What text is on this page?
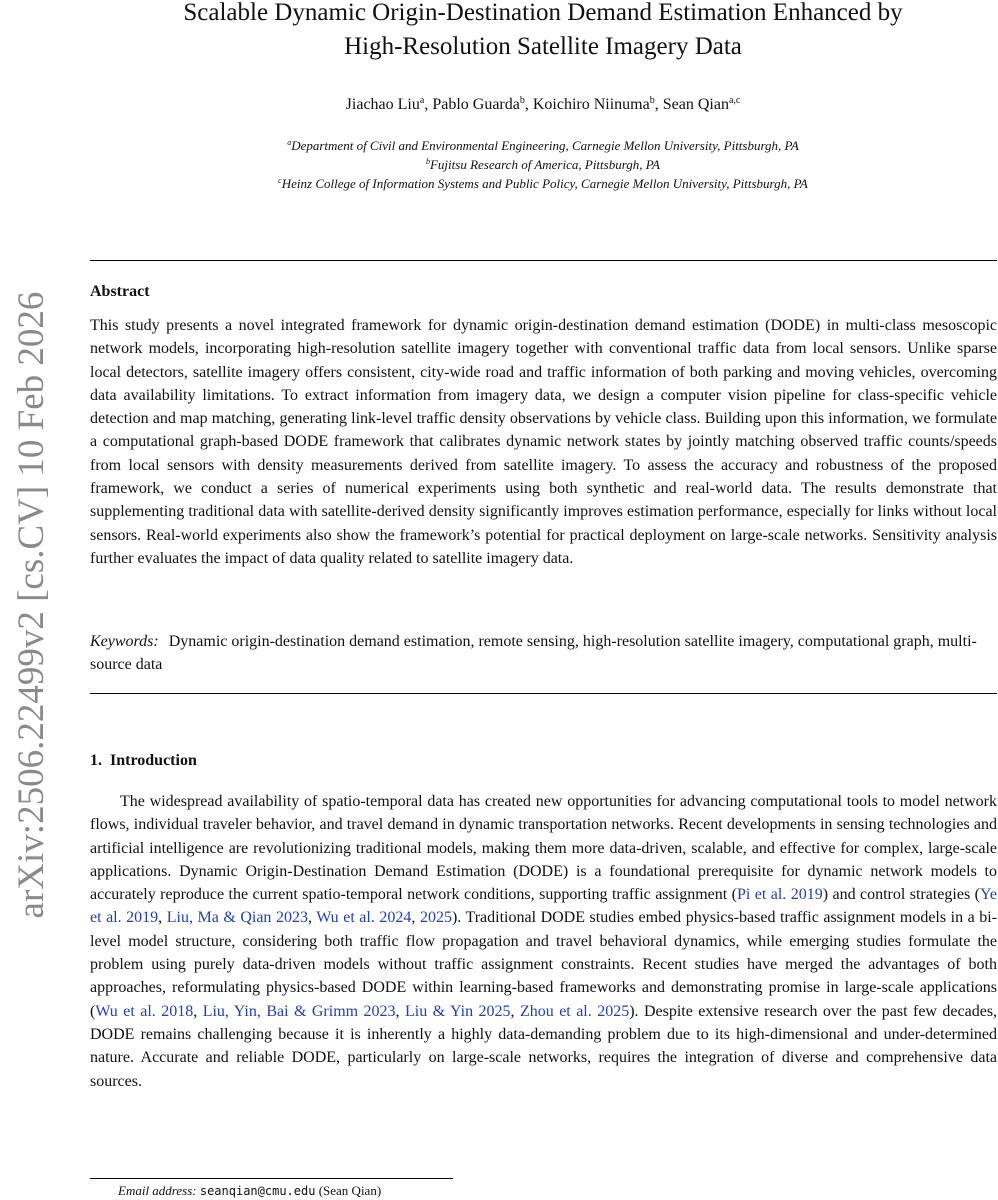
arXiv:2506.22499v2 [cs.CV] 10 Feb 2026
Scalable Dynamic Origin-Destination Demand Estimation Enhanced by
High-Resolution Satellite Imagery Data
Jiachao Liu$^a$, Pablo Guarda$^b$, Koichiro Niinuma$^b$, Sean Qian$^{a,c}$
$^a$Department of Civil and Environmental Engineering, Carnegie Mellon University, Pittsburgh, PA
$^b$Fujitsu Research of America, Pittsburgh, PA
$^c$Heinz College of Information Systems and Public Policy, Carnegie Mellon University, Pittsburgh, PA
Abstract

This study presents a novel integrated framework for dynamic origin-destination demand estimation (DODE) in multi-class mesoscopic network models, incorporating high-resolution satellite imagery together with conventional traffic data from local sensors. Unlike sparse local detectors, satellite imagery offers consistent, city-wide road and traffic information of both parking and moving vehicles, overcoming data availability limitations. To extract information from imagery data, we design a computer vision pipeline for class-specific vehicle detection and map matching, generating link-level traffic density observations by vehicle class. Building upon this information, we formulate a computational graph-based DODE framework that calibrates dynamic network states by jointly matching observed traffic counts/speeds from local sensors with density measurements derived from satellite imagery. To assess the accuracy and robustness of the proposed framework, we conduct a series of numerical experiments using both synthetic and real-world data. The results demonstrate that supplementing traditional data with satellite-derived density significantly improves estimation performance, especially for links without local sensors. Real-world experiments also show the framework’s potential for practical deployment on large-scale networks. Sensitivity analysis further evaluates the impact of data quality related to satellite imagery data.

Keywords: Dynamic origin-destination demand estimation, remote sensing, high-resolution satellite imagery, computational graph, multi-source data

1. Introduction

The widespread availability of spatio-temporal data has created new opportunities for advancing computational tools to model network flows, individual traveler behavior, and travel demand in dynamic transportation networks. Recent developments in sensing technologies and artificial intelligence are revolutionizing traditional models, making them more data-driven, scalable, and effective for complex, large-scale applications. Dynamic Origin-Destination Demand Estimation (DODE) is a foundational prerequisite for dynamic network models to accurately reproduce the current spatio-temporal network conditions, supporting traffic assignment (Pi et al. 2019) and control strategies (Ye et al. 2019, Liu, Ma & Qian 2023, Wu et al. 2024, 2025). Traditional DODE studies embed physics-based traffic assignment models in a bi-level model structure, considering both traffic flow propagation and travel behavioral dynamics, while emerging studies formulate the problem using purely data-driven models without traffic assignment constraints. Recent studies have merged the advantages of both approaches, reformulating physics-based DODE within learning-based frameworks and demonstrating promise in large-scale applications (Wu et al. 2018, Liu, Yin, Bai & Grimm 2023, Liu & Yin 2025, Zhou et al. 2025). Despite extensive research over the past few decades, DODE remains challenging because it is inherently a highly data-demanding problem due to its high-dimensional and under-determined nature. Accurate and reliable DODE, particularly on large-scale networks, requires the integration of diverse and comprehensive data sources.

Email address: seanqian@cmu.edu (Sean Qian)
